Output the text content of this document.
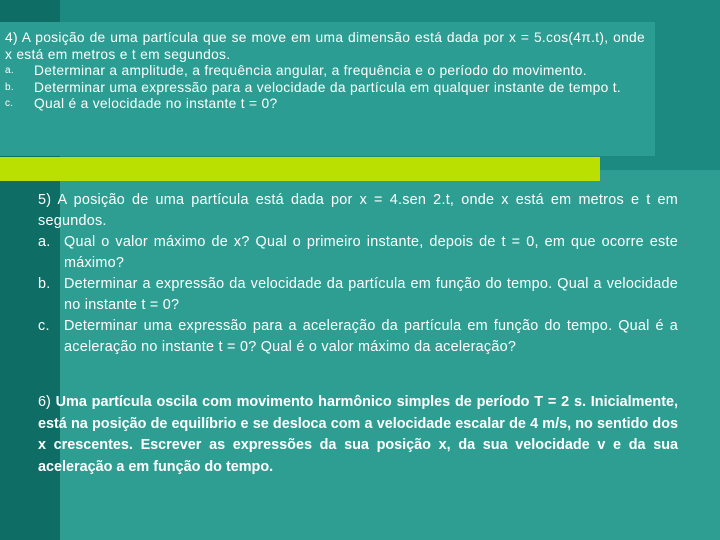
4) A posição de uma partícula que se move em uma dimensão está dada por x = 5.cos(4π.t), onde x está em metros e t em segundos.
a.	Determinar a amplitude, a frequência angular, a frequência e o período do movimento.
b.	Determinar uma expressão para a velocidade da partícula em qualquer instante de tempo t.
c.	Qual é a velocidade no instante t = 0?
5) A posição de uma partícula está dada por x = 4.sen 2.t, onde x está em metros e t em segundos.
a. Qual o valor máximo de x? Qual o primeiro instante, depois de t = 0, em que ocorre este máximo?
b. Determinar a expressão da velocidade da partícula em função do tempo. Qual a velocidade no instante t = 0?
c. Determinar uma expressão para a aceleração da partícula em função do tempo. Qual é a aceleração no instante t = 0? Qual é o valor máximo da aceleração?
6) Uma partícula oscila com movimento harmônico simples de período T = 2 s. Inicialmente, está na posição de equilíbrio e se desloca com a velocidade escalar de 4 m/s, no sentido dos x crescentes. Escrever as expressões da sua posição x, da sua velocidade v e da sua aceleração a em função do tempo.
